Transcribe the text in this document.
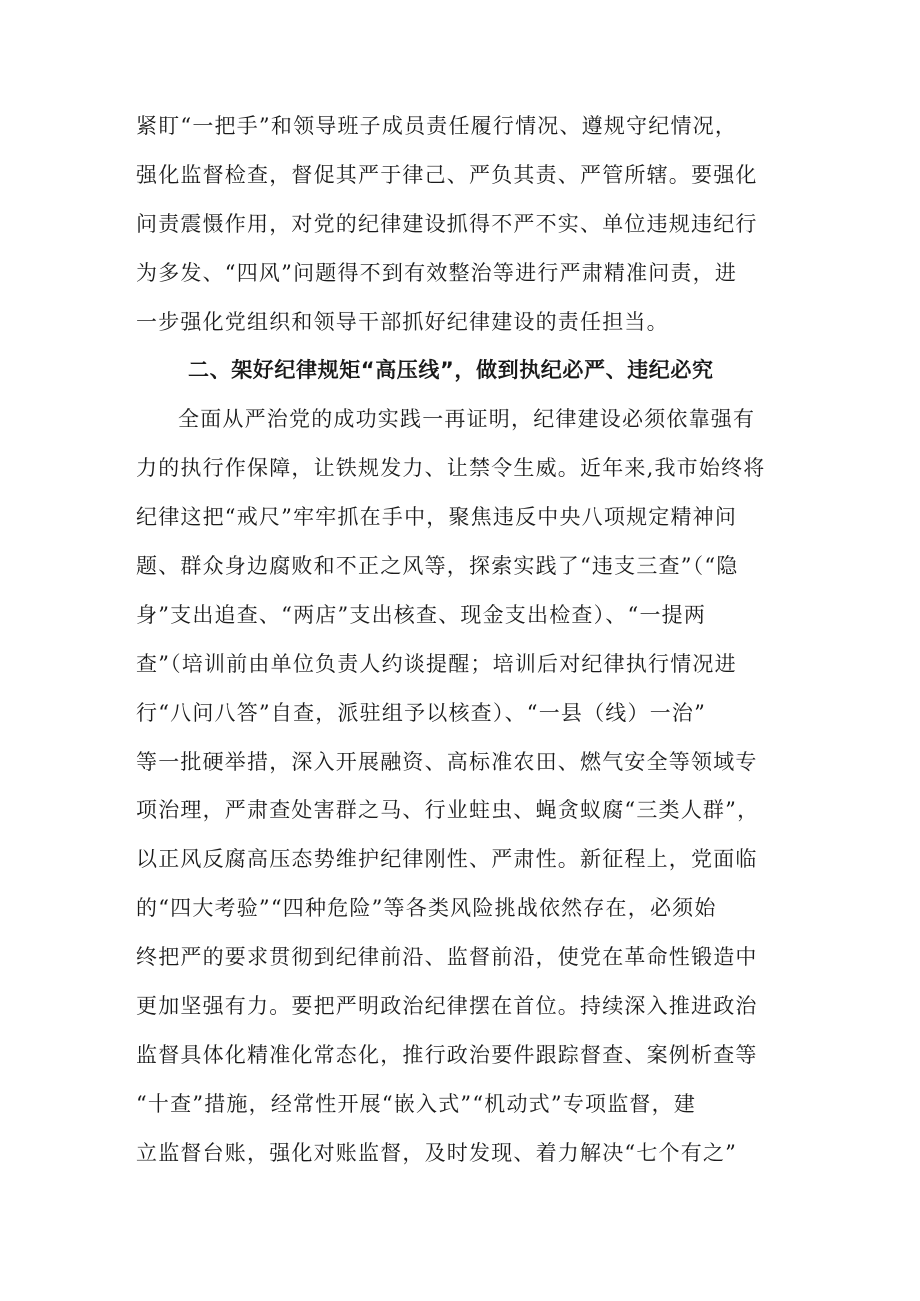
紧盯“一把手”和领导班子成员责任履行情况、遵规守纪情况，
强化监督检查，督促其严于律己、严负其责、严管所辖。要强化
问责震慑作用，对党的纪律建设抓得不严不实、单位违规违纪行
为多发、“四风”问题得不到有效整治等进行严肃精准问责，进
一步强化党组织和领导干部抓好纪律建设的责任担当。
二、架好纪律规矩“高压线”，做到执纪必严、违纪必究
全面从严治党的成功实践一再证明，纪律建设必须依靠强有
力的执行作保障，让铁规发力、让禁令生威。近年来,我市始终将
纪律这把“戒尺”牢牢抓在手中，聚焦违反中央八项规定精神问
题、群众身边腐败和不正之风等，探索实践了“违支三查”（“隐
身”支出追查、“两店”支出核查、现金支出检查）、“一提两
查”（培训前由单位负责人约谈提醒；培训后对纪律执行情况进
行“八问八答”自查，派驻组予以核查）、“一县（线）一治”
等一批硬举措，深入开展融资、高标准农田、燃气安全等领域专
项治理，严肃查处害群之马、行业蛀虫、蝇贪蚁腐“三类人群”，
以正风反腐高压态势维护纪律刚性、严肃性。新征程上，党面临
的“四大考验”“四种危险”等各类风险挑战依然存在，必须始
终把严的要求贯彻到纪律前沿、监督前沿，使党在革命性锻造中
更加坚强有力。要把严明政治纪律摆在首位。持续深入推进政治
监督具体化精准化常态化，推行政治要件跟踪督查、案例析查等
“十查”措施，经常性开展“嵌入式”“机动式”专项监督，建
立监督台账，强化对账监督，及时发现、着力解决“七个有之”
